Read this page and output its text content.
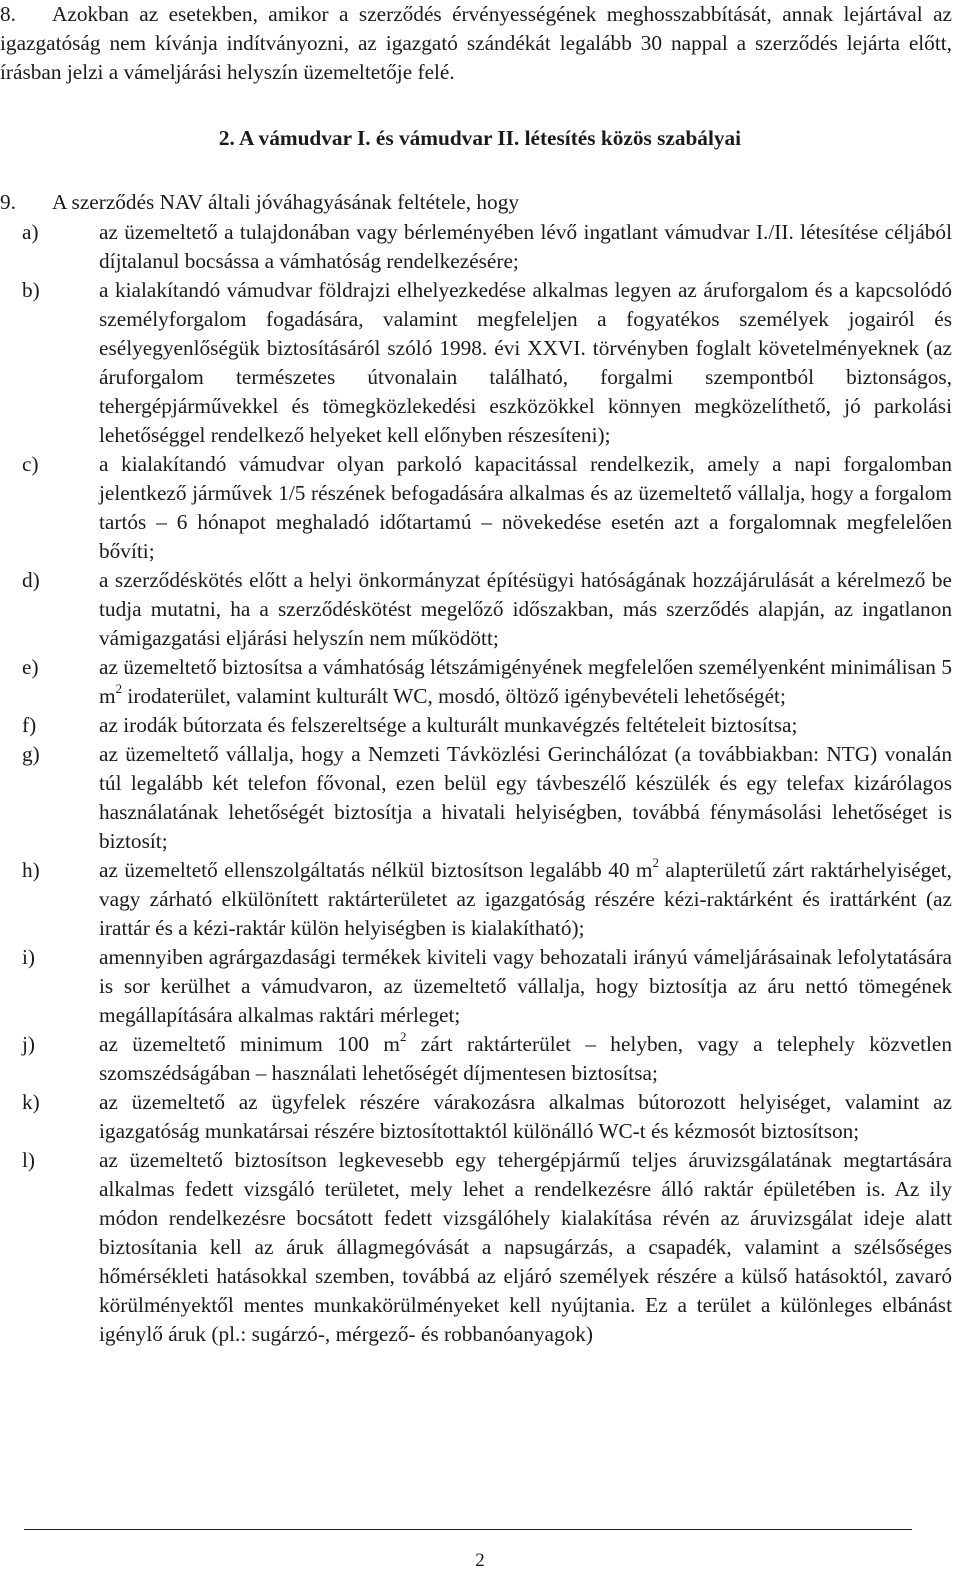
8. Azokban az esetekben, amikor a szerződés érvényességének meghosszabbítását, annak lejártával az igazgatóság nem kívánja indítványozni, az igazgató szándékát legalább 30 nappal a szerződés lejárta előtt, írásban jelzi a vámeljárási helyszín üzemeltetője felé.
2. A vámudvar I. és vámudvar II. létesítés közös szabályai
9. A szerződés NAV általi jóváhagyásának feltétele, hogy
a)	az üzemeltető a tulajdonában vagy bérleményében lévő ingatlant vámudvar I./II. létesítése céljából díjtalanul bocsássa a vámhatóság rendelkezésére;
b)	a kialakítandó vámudvar földrajzi elhelyezkedése alkalmas legyen az áruforgalom és a kapcsolódó személyforgalom fogadására, valamint megfeleljen a fogyatékos személyek jogairól és esélyegyenlőségük biztosításáról szóló 1998. évi XXVI. törvényben foglalt követelményeknek (az áruforgalom természetes útvonalain található, forgalmi szempontból biztonságos, tehergépjárművekkel és tömegközlekedési eszközökkel könnyen megközelíthető, jó parkolási lehetőséggel rendelkező helyeket kell előnyben részesíteni);
c)	a kialakítandó vámudvar olyan parkoló kapacitással rendelkezik, amely a napi forgalomban jelentkező járművek 1/5 részének befogadására alkalmas és az üzemeltető vállalja, hogy a forgalom tartós – 6 hónapot meghaladó időtartamú – növekedése esetén azt a forgalomnak megfelelően bővíti;
d)	a szerződéskötés előtt a helyi önkormányzat építésügyi hatóságának hozzájárulását a kérelmező be tudja mutatni, ha a szerződéskötést megelőző időszakban, más szerződés alapján, az ingatlanon vámigazgatási eljárási helyszín nem működött;
e)	az üzemeltető biztosítsa a vámhatóság létszámigényének megfelelően személyenként minimálisan 5 $m^2$ irodaterület, valamint kulturált WC, mosdó, öltöző igénybevételi lehetőségét;
f)	az irodák bútorzata és felszereltsége a kulturált munkavégzés feltételeit biztosítsa;
g)	az üzemeltető vállalja, hogy a Nemzeti Távközlési Gerinchálózat (a továbbiakban: NTG) vonalán túl legalább két telefon fővonal, ezen belül egy távbeszélő készülék és egy telefax kizárólagos használatának lehetőségét biztosítja a hivatali helyiségben, továbbá fénymásolási lehetőséget is biztosít;
h)	az üzemeltető ellenszolgáltatás nélkül biztosítson legalább 40 $m^2$ alapterületű zárt raktárhelyiséget, vagy zárható elkülönített raktárterületet az igazgatóság részére kézi-raktárként és irattárként (az irattár és a kézi-raktár külön helyiségben is kialakítható);
i)	amennyiben agrárgazdasági termékek kiviteli vagy behozatali irányú vámeljárásainak lefolytatására is sor kerülhet a vámudvaron, az üzemeltető vállalja, hogy biztosítja az áru nettó tömegének megállapítására alkalmas raktári mérleget;
j)	az üzemeltető minimum 100 $m^2$ zárt raktárterület – helyben, vagy a telephely közvetlen szomszédságában – használati lehetőségét díjmentesen biztosítsa;
k)	az üzemeltető az ügyfelek részére várakozásra alkalmas bútorozott helyiséget, valamint az igazgatóság munkatársai részére biztosítottaktól különálló WC-t és kézmosót biztosítson;
l)	az üzemeltető biztosítson legkevesebb egy tehergépjármű teljes áruvizsgálatának megtartására alkalmas fedett vizsgáló területet, mely lehet a rendelkezésre álló raktár épületében is. Az ily módon rendelkezésre bocsátott fedett vizsgálóhely kialakítása révén az áruvizsgálat ideje alatt biztosítania kell az áruk állagmegóvását a napsugárzás, a csapadék, valamint a szélsőséges hőmérsékleti hatásokkal szemben, továbbá az eljáró személyek részére a külső hatásoktól, zavaró körülményektől mentes munkakörülményeket kell nyújtania. Ez a terület a különleges elbánást igénylő áruk (pl.: sugárzó-, mérgező- és robbanóanyagok)
2
